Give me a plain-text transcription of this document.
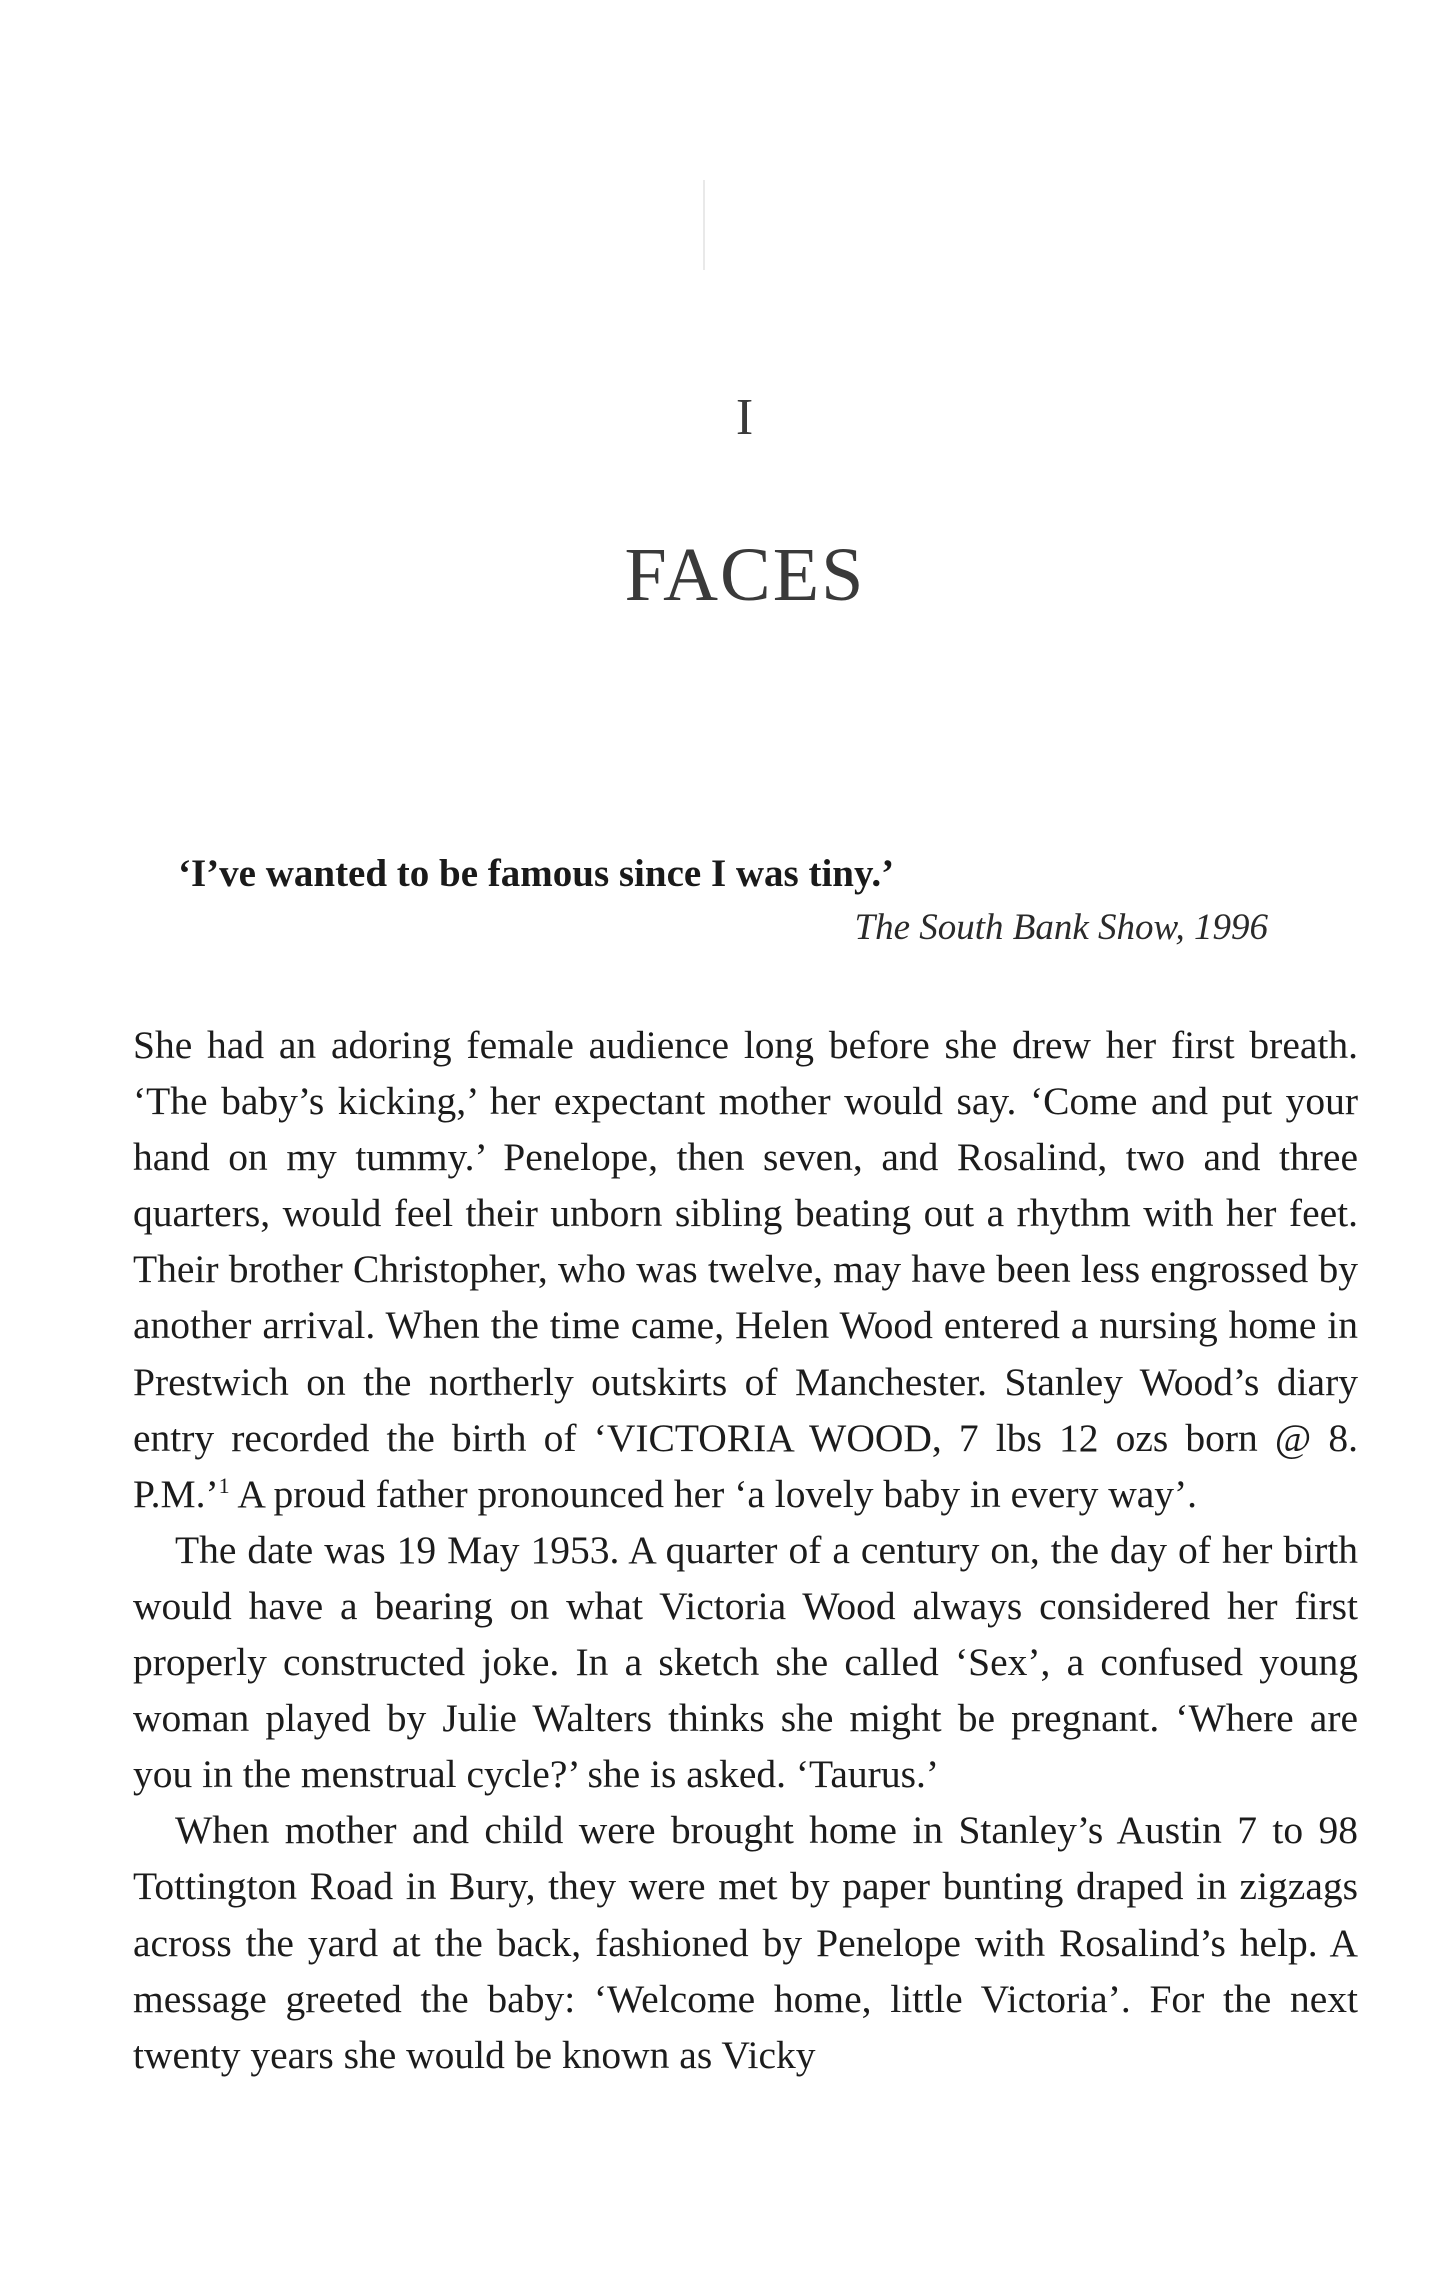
I
FACES
‘I’ve wanted to be famous since I was tiny.’
The South Bank Show, 1996

She had an adoring female audience long before she drew her first breath. ‘The baby’s kicking,’ her expectant mother would say. ‘Come and put your hand on my tummy.’ Penelope, then seven, and Rosalind, two and three quarters, would feel their unborn sibling beating out a rhythm with her feet. Their brother Christopher, who was twelve, may have been less engrossed by another arrival. When the time came, Helen Wood entered a nursing home in Prestwich on the northerly outskirts of Manchester. Stanley Wood’s diary entry recorded the birth of ‘VICTORIA WOOD, 7 lbs 12 ozs born @ 8. P.M.’$^1$ A proud father pronounced her ‘a lovely baby in every way’.

The date was 19 May 1953. A quarter of a century on, the day of her birth would have a bearing on what Victoria Wood always considered her first properly constructed joke. In a sketch she called ‘Sex’, a confused young woman played by Julie Walters thinks she might be pregnant. ‘Where are you in the menstrual cycle?’ she is asked. ‘Taurus.’

When mother and child were brought home in Stanley’s Austin 7 to 98 Tottington Road in Bury, they were met by paper bunting draped in zigzags across the yard at the back, fashioned by Penelope with Rosalind’s help. A message greeted the baby: ‘Welcome home, little Victoria’. For the next twenty years she would be known as Vicky
